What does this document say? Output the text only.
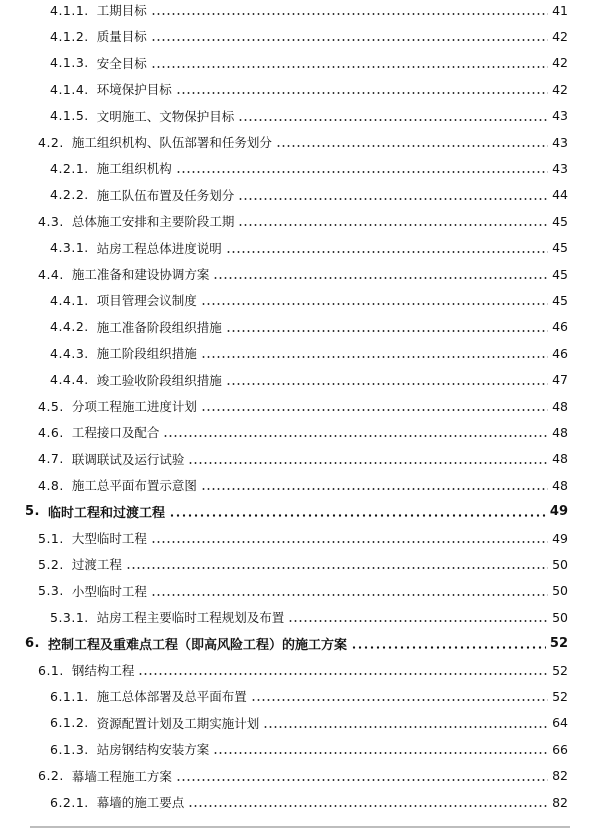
4.1.1. 工期目标	41
4.1.2. 质量目标	42
4.1.3. 安全目标	42
4.1.4. 环境保护目标	42
4.1.5. 文明施工、文物保护目标	43
4.2. 施工组织机构、队伍部署和任务划分	43
4.2.1. 施工组织机构	43
4.2.2. 施工队伍布置及任务划分	44
4.3. 总体施工安排和主要阶段工期	45
4.3.1. 站房工程总体进度说明	45
4.4. 施工准备和建设协调方案	45
4.4.1. 项目管理会议制度	45
4.4.2. 施工准备阶段组织措施	46
4.4.3. 施工阶段组织措施	46
4.4.4. 竣工验收阶段组织措施	47
4.5. 分项工程施工进度计划	48
4.6. 工程接口及配合	48
4.7. 联调联试及运行试验	48
4.8. 施工总平面布置示意图	48
5. 临时工程和过渡工程	49
5.1. 大型临时工程	49
5.2. 过渡工程	50
5.3. 小型临时工程	50
5.3.1. 站房工程主要临时工程规划及布置	50
6. 控制工程及重难点工程（即高风险工程）的施工方案	52
6.1. 钢结构工程	52
6.1.1. 施工总体部署及总平面布置	52
6.1.2. 资源配置计划及工期实施计划	64
6.1.3. 站房钢结构安装方案	66
6.2. 幕墙工程施工方案	82
6.2.1. 幕墙的施工要点	82
